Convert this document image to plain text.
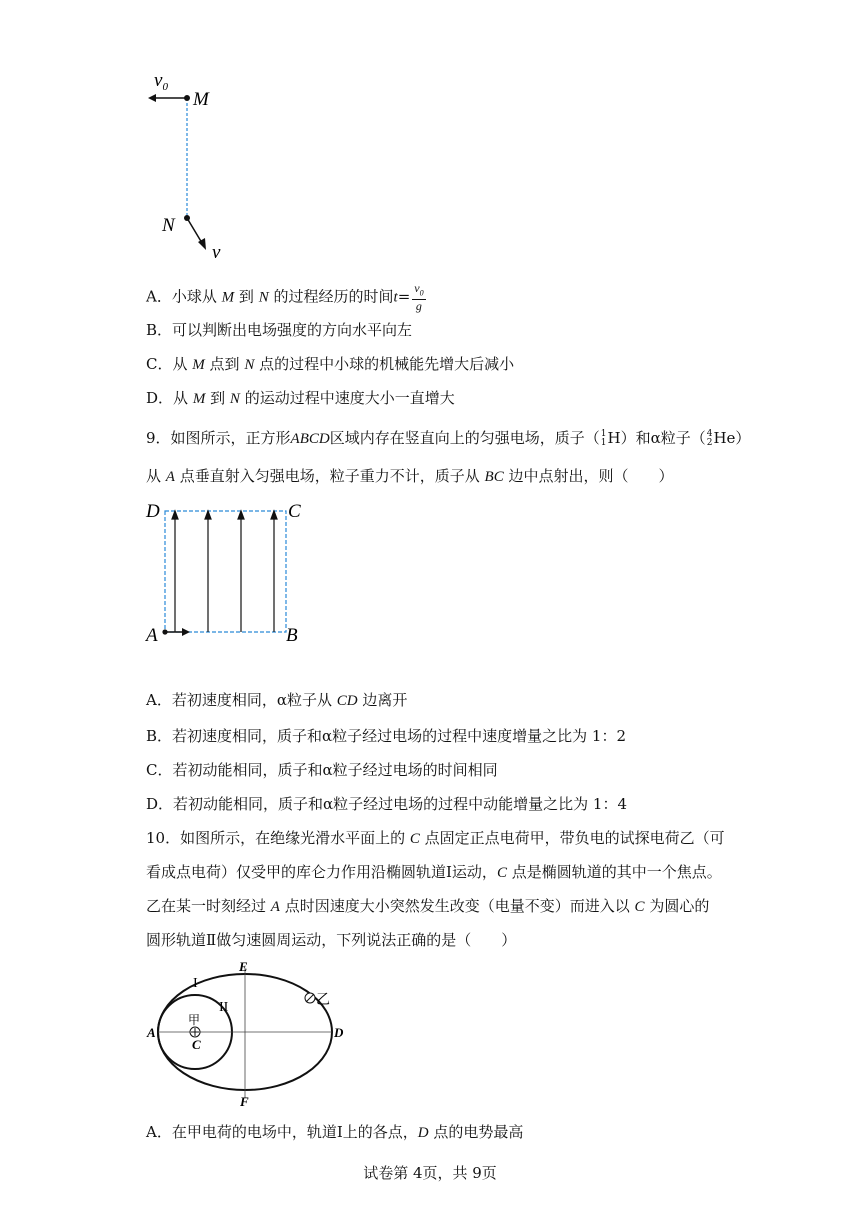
$v_0$
M
N
v
A．小球从 M 到 N 的过程经历的时间$t= \frac{v_0}{g}$
B．可以判断出电场强度的方向水平向左
C．从 M 点到 N 点的过程中小球的机械能先增大后减小
D．从 M 到 N 的运动过程中速度大小一直增大
9．如图所示，正方形ABCD区域内存在竖直向上的匀强电场，质子（ 1
1 H）和α粒子（ 4
2 He）
从 A 点垂直射入匀强电场，粒子重力不计，质子从 BC 边中点射出，则（　　）
D	C
A	B
A．若初速度相同，α粒子从 CD 边离开
B．若初速度相同，质子和α粒子经过电场的过程中速度增量之比为 1：2
C．若初动能相同，质子和α粒子经过电场的时间相同
D．若初动能相同，质子和α粒子经过电场的过程中动能增量之比为 1：4
10．如图所示，在绝缘光滑水平面上的 C 点固定正点电荷甲，带负电的试探电荷乙（可
看成点电荷）仅受甲的库仑力作用沿椭圆轨道Ⅰ运动，C 点是椭圆轨道的其中一个焦点。
乙在某一时刻经过 A 点时因速度大小突然发生改变（电量不变）而进入以 C 为圆心的
圆形轨道Ⅱ做匀速圆周运动，下列说法正确的是（　　）
I
II
E
乙
甲
A
C
D
F
A．在甲电荷的电场中，轨道Ⅰ上的各点，D 点的电势最高
试卷第 4页，共 9页
